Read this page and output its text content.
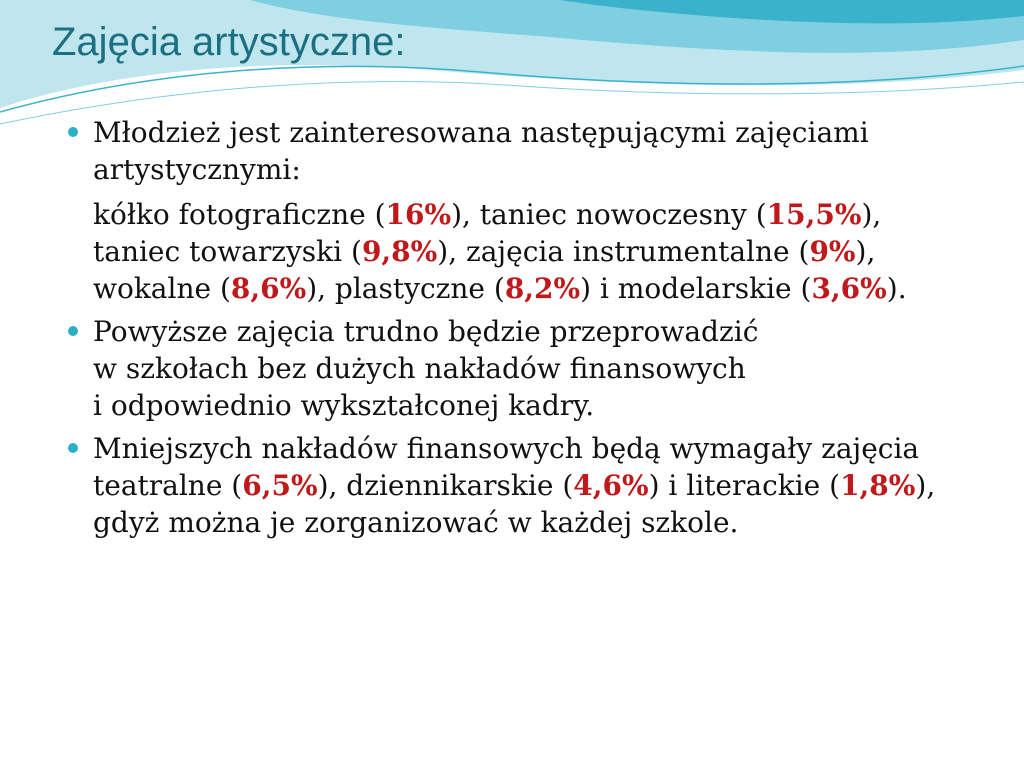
Zajęcia artystyczne:
Młodzież jest zainteresowana następującymi zajęciami artystycznymi:
kółko fotograficzne (16%), taniec nowoczesny (15,5%), taniec towarzyski (9,8%), zajęcia instrumentalne (9%), wokalne (8,6%), plastyczne (8,2%) i modelarskie (3,6%).
Powyższe zajęcia trudno będzie przeprowadzić
w szkołach bez dużych nakładów finansowych
i odpowiednio wykształconej kadry.
Mniejszych nakładów finansowych będą wymagały zajęcia teatralne (6,5%), dziennikarskie (4,6%) i literackie (1,8%), gdyż można je zorganizować w każdej szkole.
